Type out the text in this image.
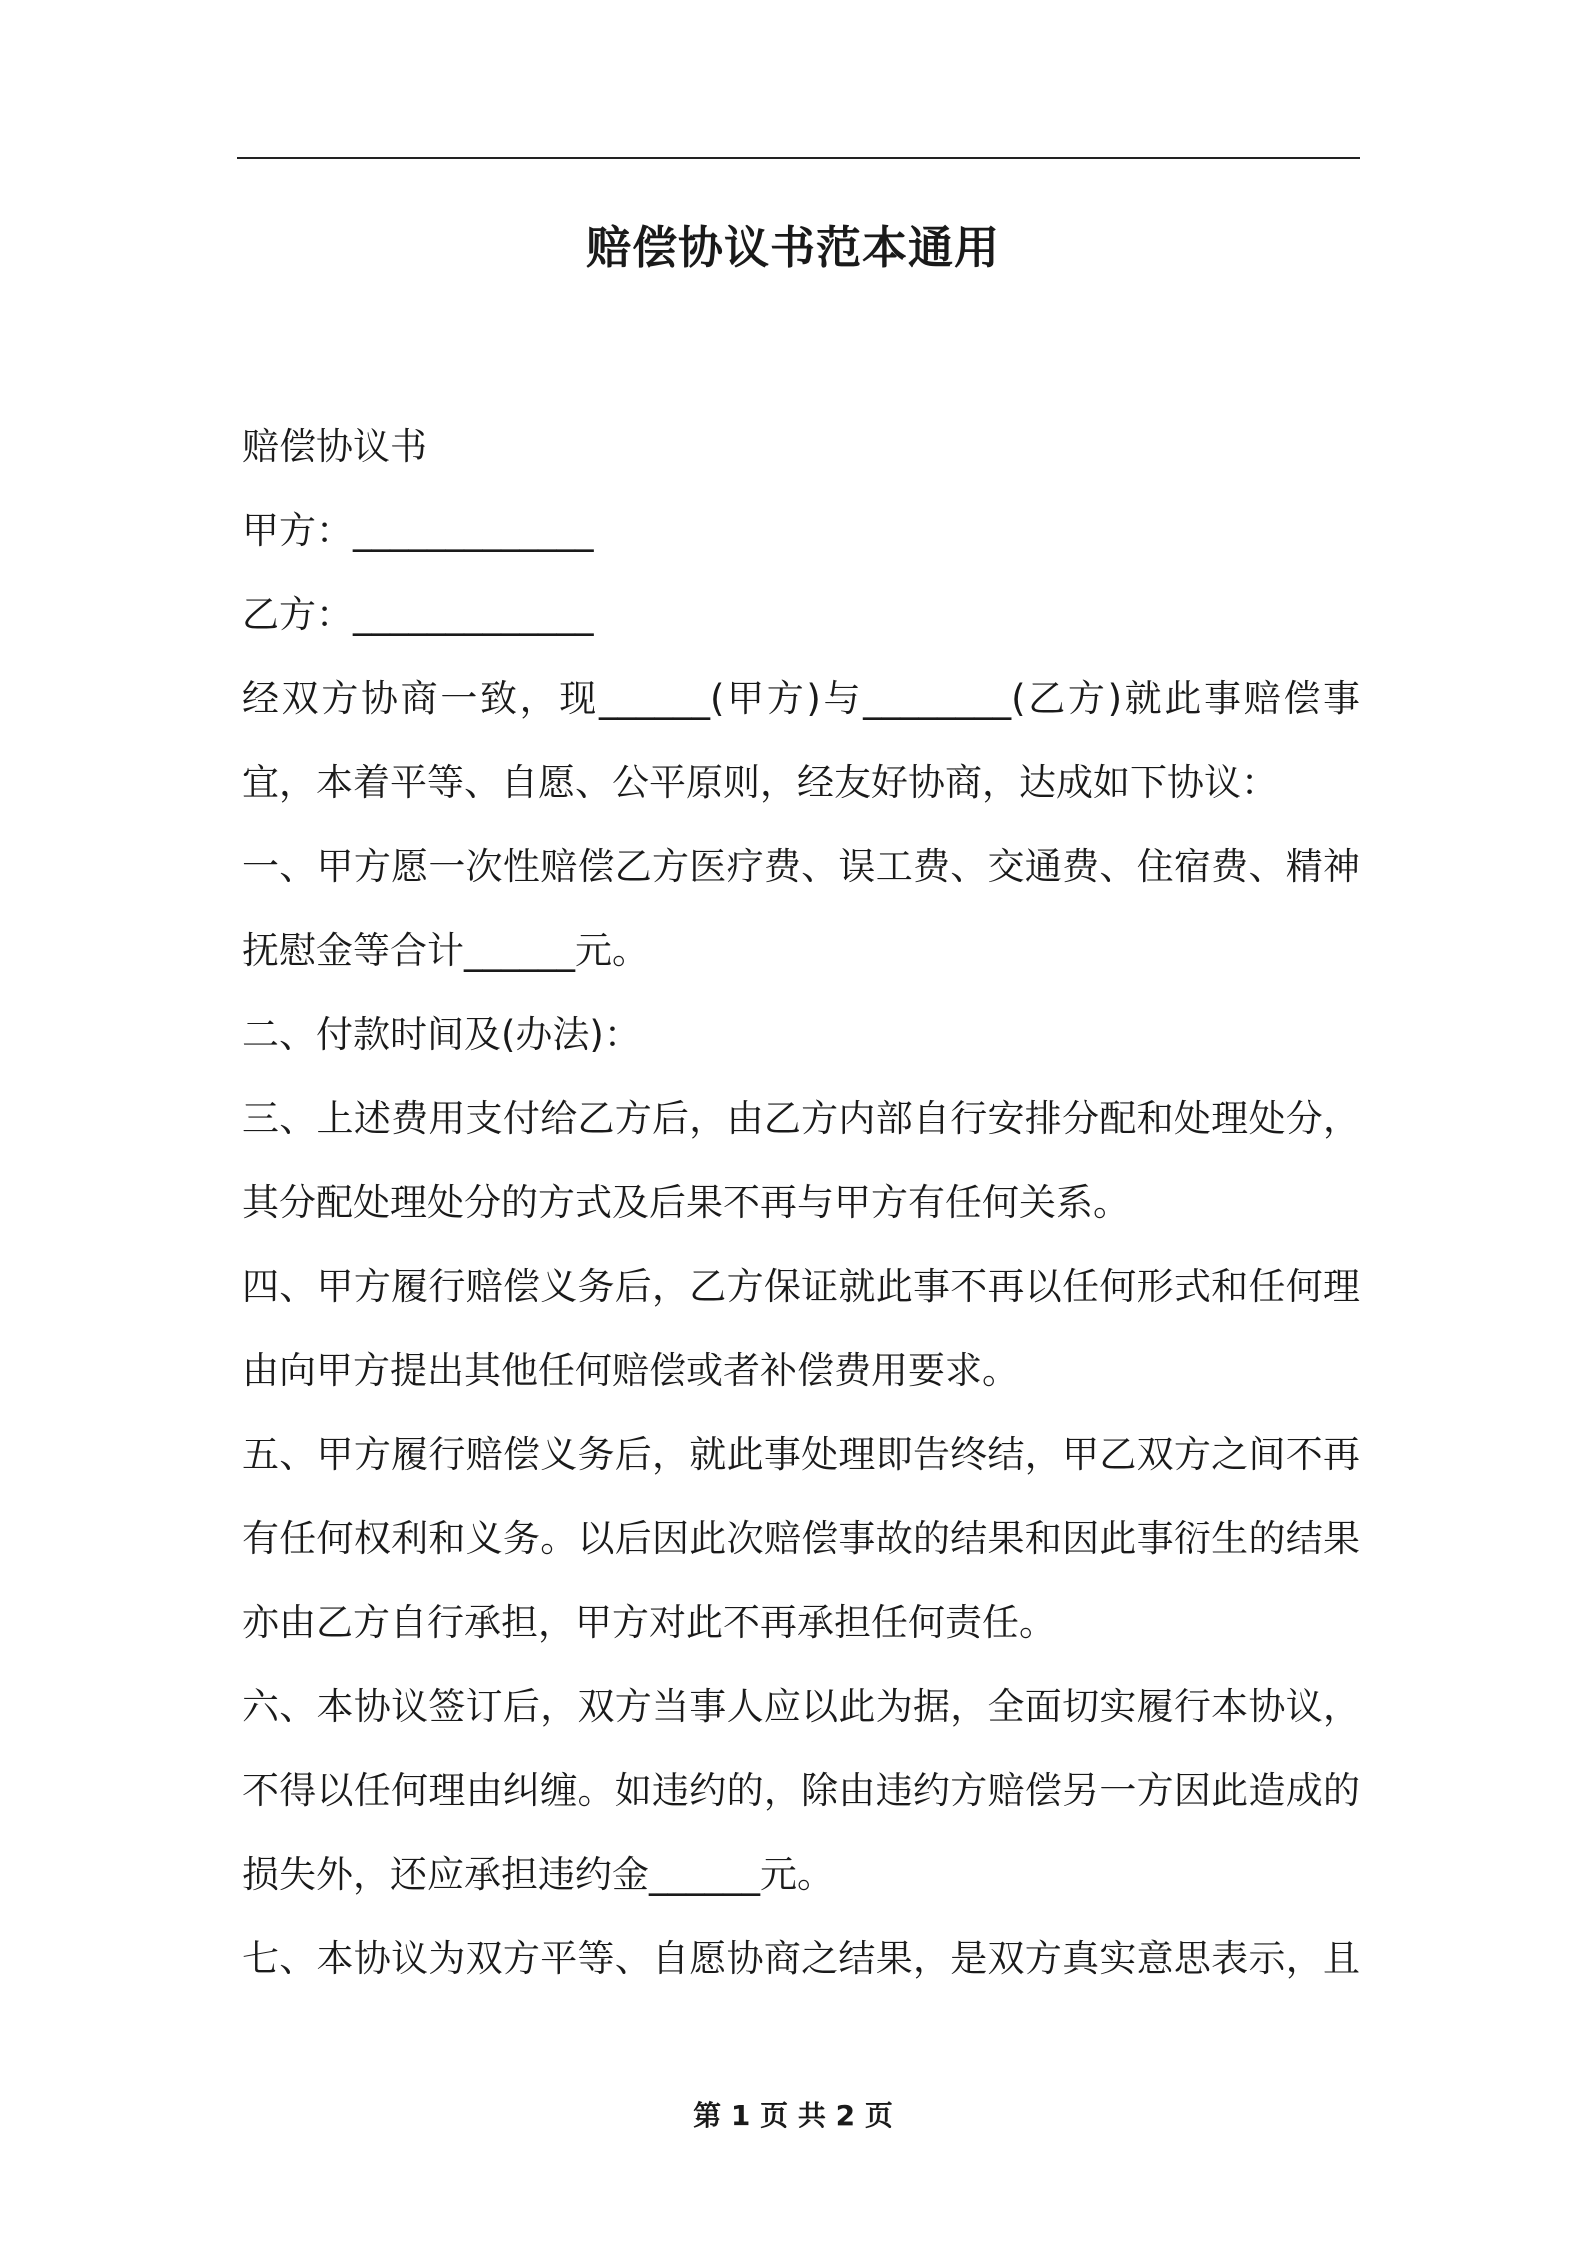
赔偿协议书范本通用
赔偿协议书
甲方：_____________
乙方：_____________
经双方协商一致，现______(甲方)与________(乙方)就此事赔偿事
宜，本着平等、自愿、公平原则，经友好协商，达成如下协议：
一、甲方愿一次性赔偿乙方医疗费、误工费、交通费、住宿费、精神
抚慰金等合计______元。
二、付款时间及(办法)：
三、上述费用支付给乙方后，由乙方内部自行安排分配和处理处分，
其分配处理处分的方式及后果不再与甲方有任何关系。
四、甲方履行赔偿义务后，乙方保证就此事不再以任何形式和任何理
由向甲方提出其他任何赔偿或者补偿费用要求。
五、甲方履行赔偿义务后，就此事处理即告终结，甲乙双方之间不再
有任何权利和义务。以后因此次赔偿事故的结果和因此事衍生的结果
亦由乙方自行承担，甲方对此不再承担任何责任。
六、本协议签订后，双方当事人应以此为据，全面切实履行本协议，
不得以任何理由纠缠。如违约的，除由违约方赔偿另一方因此造成的
损失外，还应承担违约金______元。
七、本协议为双方平等、自愿协商之结果，是双方真实意思表示，且
第 1 页 共 2 页
